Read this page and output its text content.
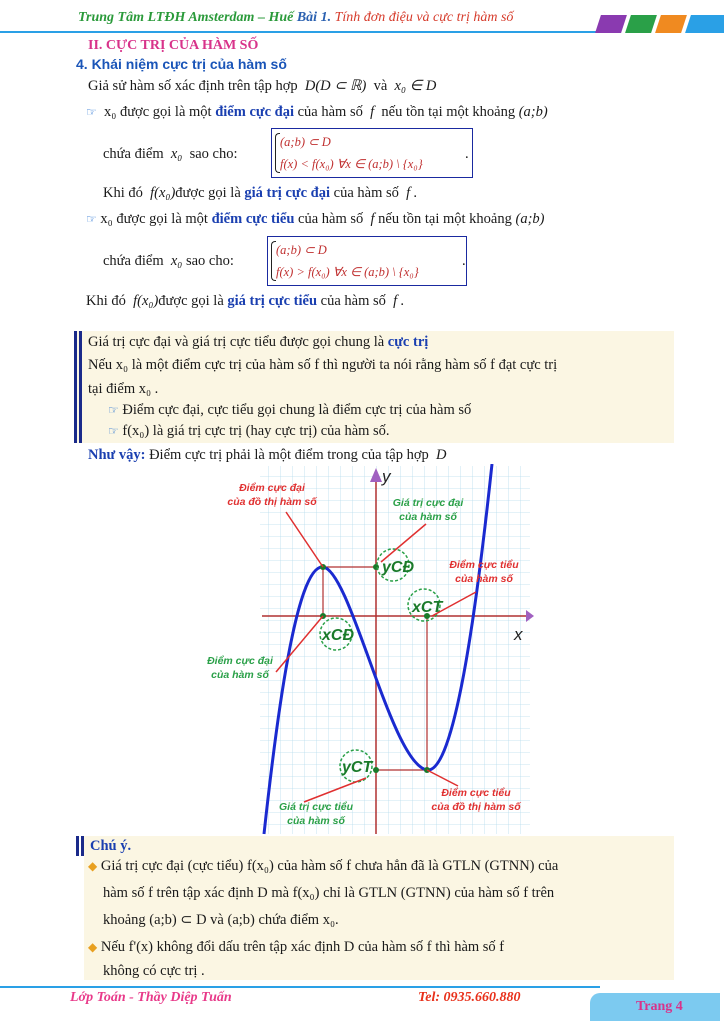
Trung Tâm LTĐH Amsterdam – Huế Bài 1. Tính đơn điệu và cực trị hàm số
II. CỰC TRỊ CỦA HÀM SỐ
4. Khái niệm cực trị của hàm số
Giả sử hàm số xác định trên tập hợp D(D ⊂ ℝ) và x₀ ∈ D
☞ x₀ được gọi là một điểm cực đại của hàm số f nếu tồn tại một khoảng (a;b)
chứa điểm x₀ sao cho:
(a;b) ⊂ D
f(x) < f(x₀) ∀x ∈ (a;b) \ {x₀}
.
Khi đó f(x₀)được gọi là giá trị cực đại của hàm số f .
☞ x₀ được gọi là một điểm cực tiểu của hàm số f nếu tồn tại một khoảng (a;b)
chứa điểm x₀ sao cho:
(a;b) ⊂ D
f(x) > f(x₀) ∀x ∈ (a;b) \ {x₀}
.
Khi đó f(x₀)được gọi là giá trị cực tiểu của hàm số f .
Giá trị cực đại và giá trị cực tiểu được gọi chung là cực trị
Nếu x₀ là một điểm cực trị của hàm số f thì người ta nói rằng hàm số f đạt cực trị
tại điểm x₀ .
☞ Điểm cực đại, cực tiểu gọi chung là điểm cực trị của hàm số
☞ f(x₀) là giá trị cực trị (hay cực trị) của hàm số.
Như vậy: Điểm cực trị phải là một điểm trong của tập hợp D
x
y
yCĐ
xCĐ
xCT
yCT
Điểm cực đại
của đồ thị hàm số	Giá trị cực đại
của hàm số
Điểm cực tiểu
của hàm số
Điểm cực đại
của hàm số
Giá trị cực tiểu
của hàm số
Điểm cực tiểu
của đồ thị hàm số
Chú ý.
◆ Giá trị cực đại (cực tiểu) f(x₀) của hàm số f chưa hẳn đã là GTLN (GTNN) của
hàm số f trên tập xác định D mà f(x₀) chỉ là GTLN (GTNN) của hàm số f trên
khoảng (a;b) ⊂ D và (a;b) chứa điểm x₀.
◆ Nếu f'(x) không đổi dấu trên tập xác định D của hàm số f thì hàm số f
không có cực trị .
Lớp Toán - Thầy Diệp Tuấn	Tel: 0935.660.880
Trang 4
